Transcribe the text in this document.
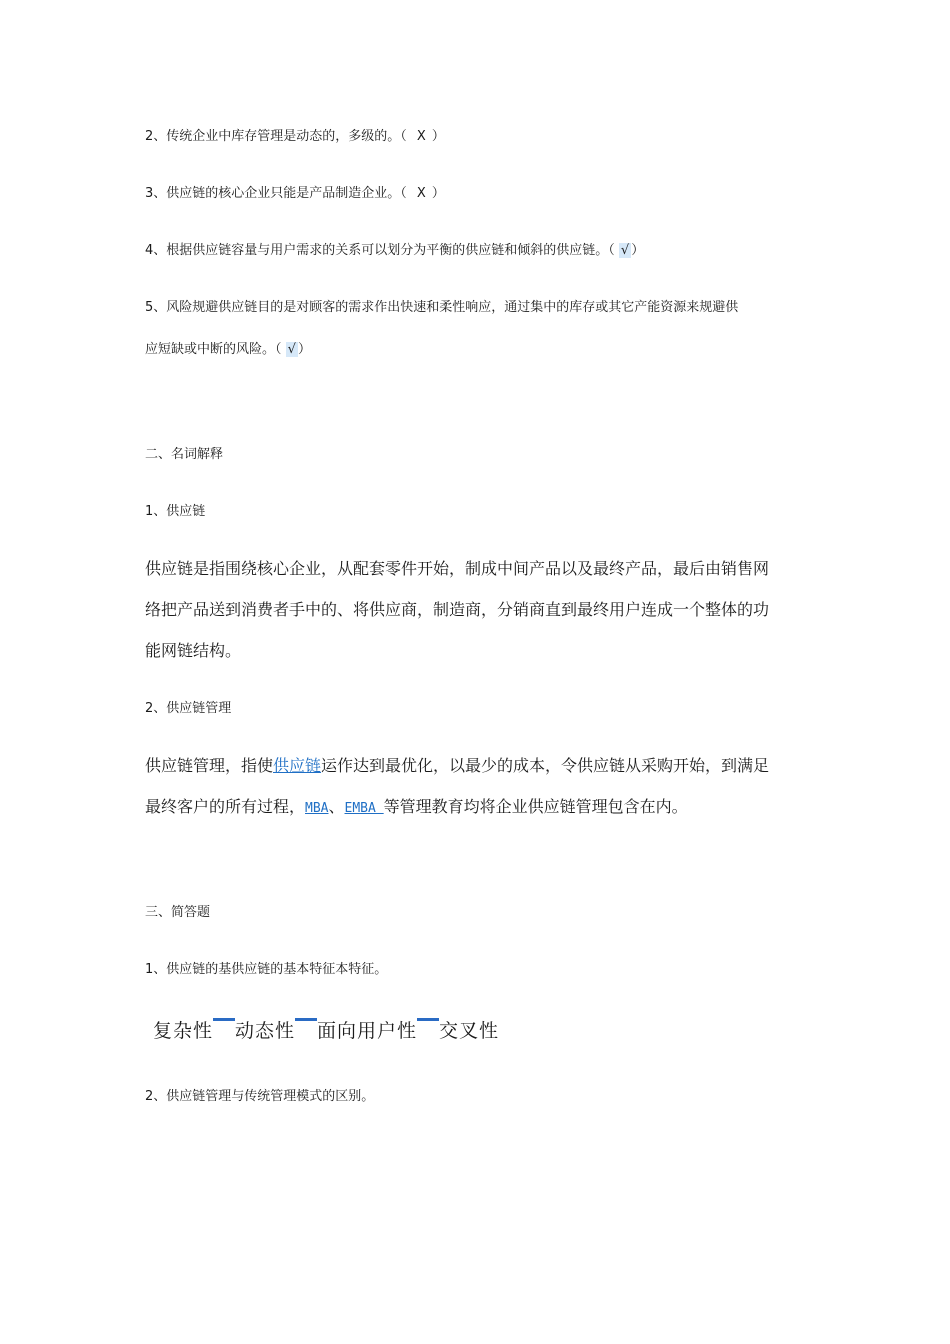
2、传统企业中库存管理是动态的，多级的。（ X ）
3、供应链的核心企业只能是产品制造企业。（ X ）
4、根据供应链容量与用户需求的关系可以划分为平衡的供应链和倾斜的供应链。（ √ ）
5、风险规避供应链目的是对顾客的需求作出快速和柔性响应，通过集中的库存或其它产能资源来规避供
应短缺或中断的风险。（ √ ）
二、名词解释
1、供应链
供应链是指围绕核心企业，从配套零件开始，制成中间产品以及最终产品，最后由销售网
络把产品送到消费者手中的、将供应商，制造商，分销商直到最终用户连成一个整体的功
能网链结构。
2、供应链管理
供应链管理，指使供应链运作达到最优化，以最少的成本，令供应链从采购开始，到满足
最终客户的所有过程，MBA、EMBA 等管理教育均将企业供应链管理包含在内。
三、简答题
1、供应链的基供应链的基本特征本特征。
复杂性 动态性 面向用户性 交叉性
2、供应链管理与传统管理模式的区别。
